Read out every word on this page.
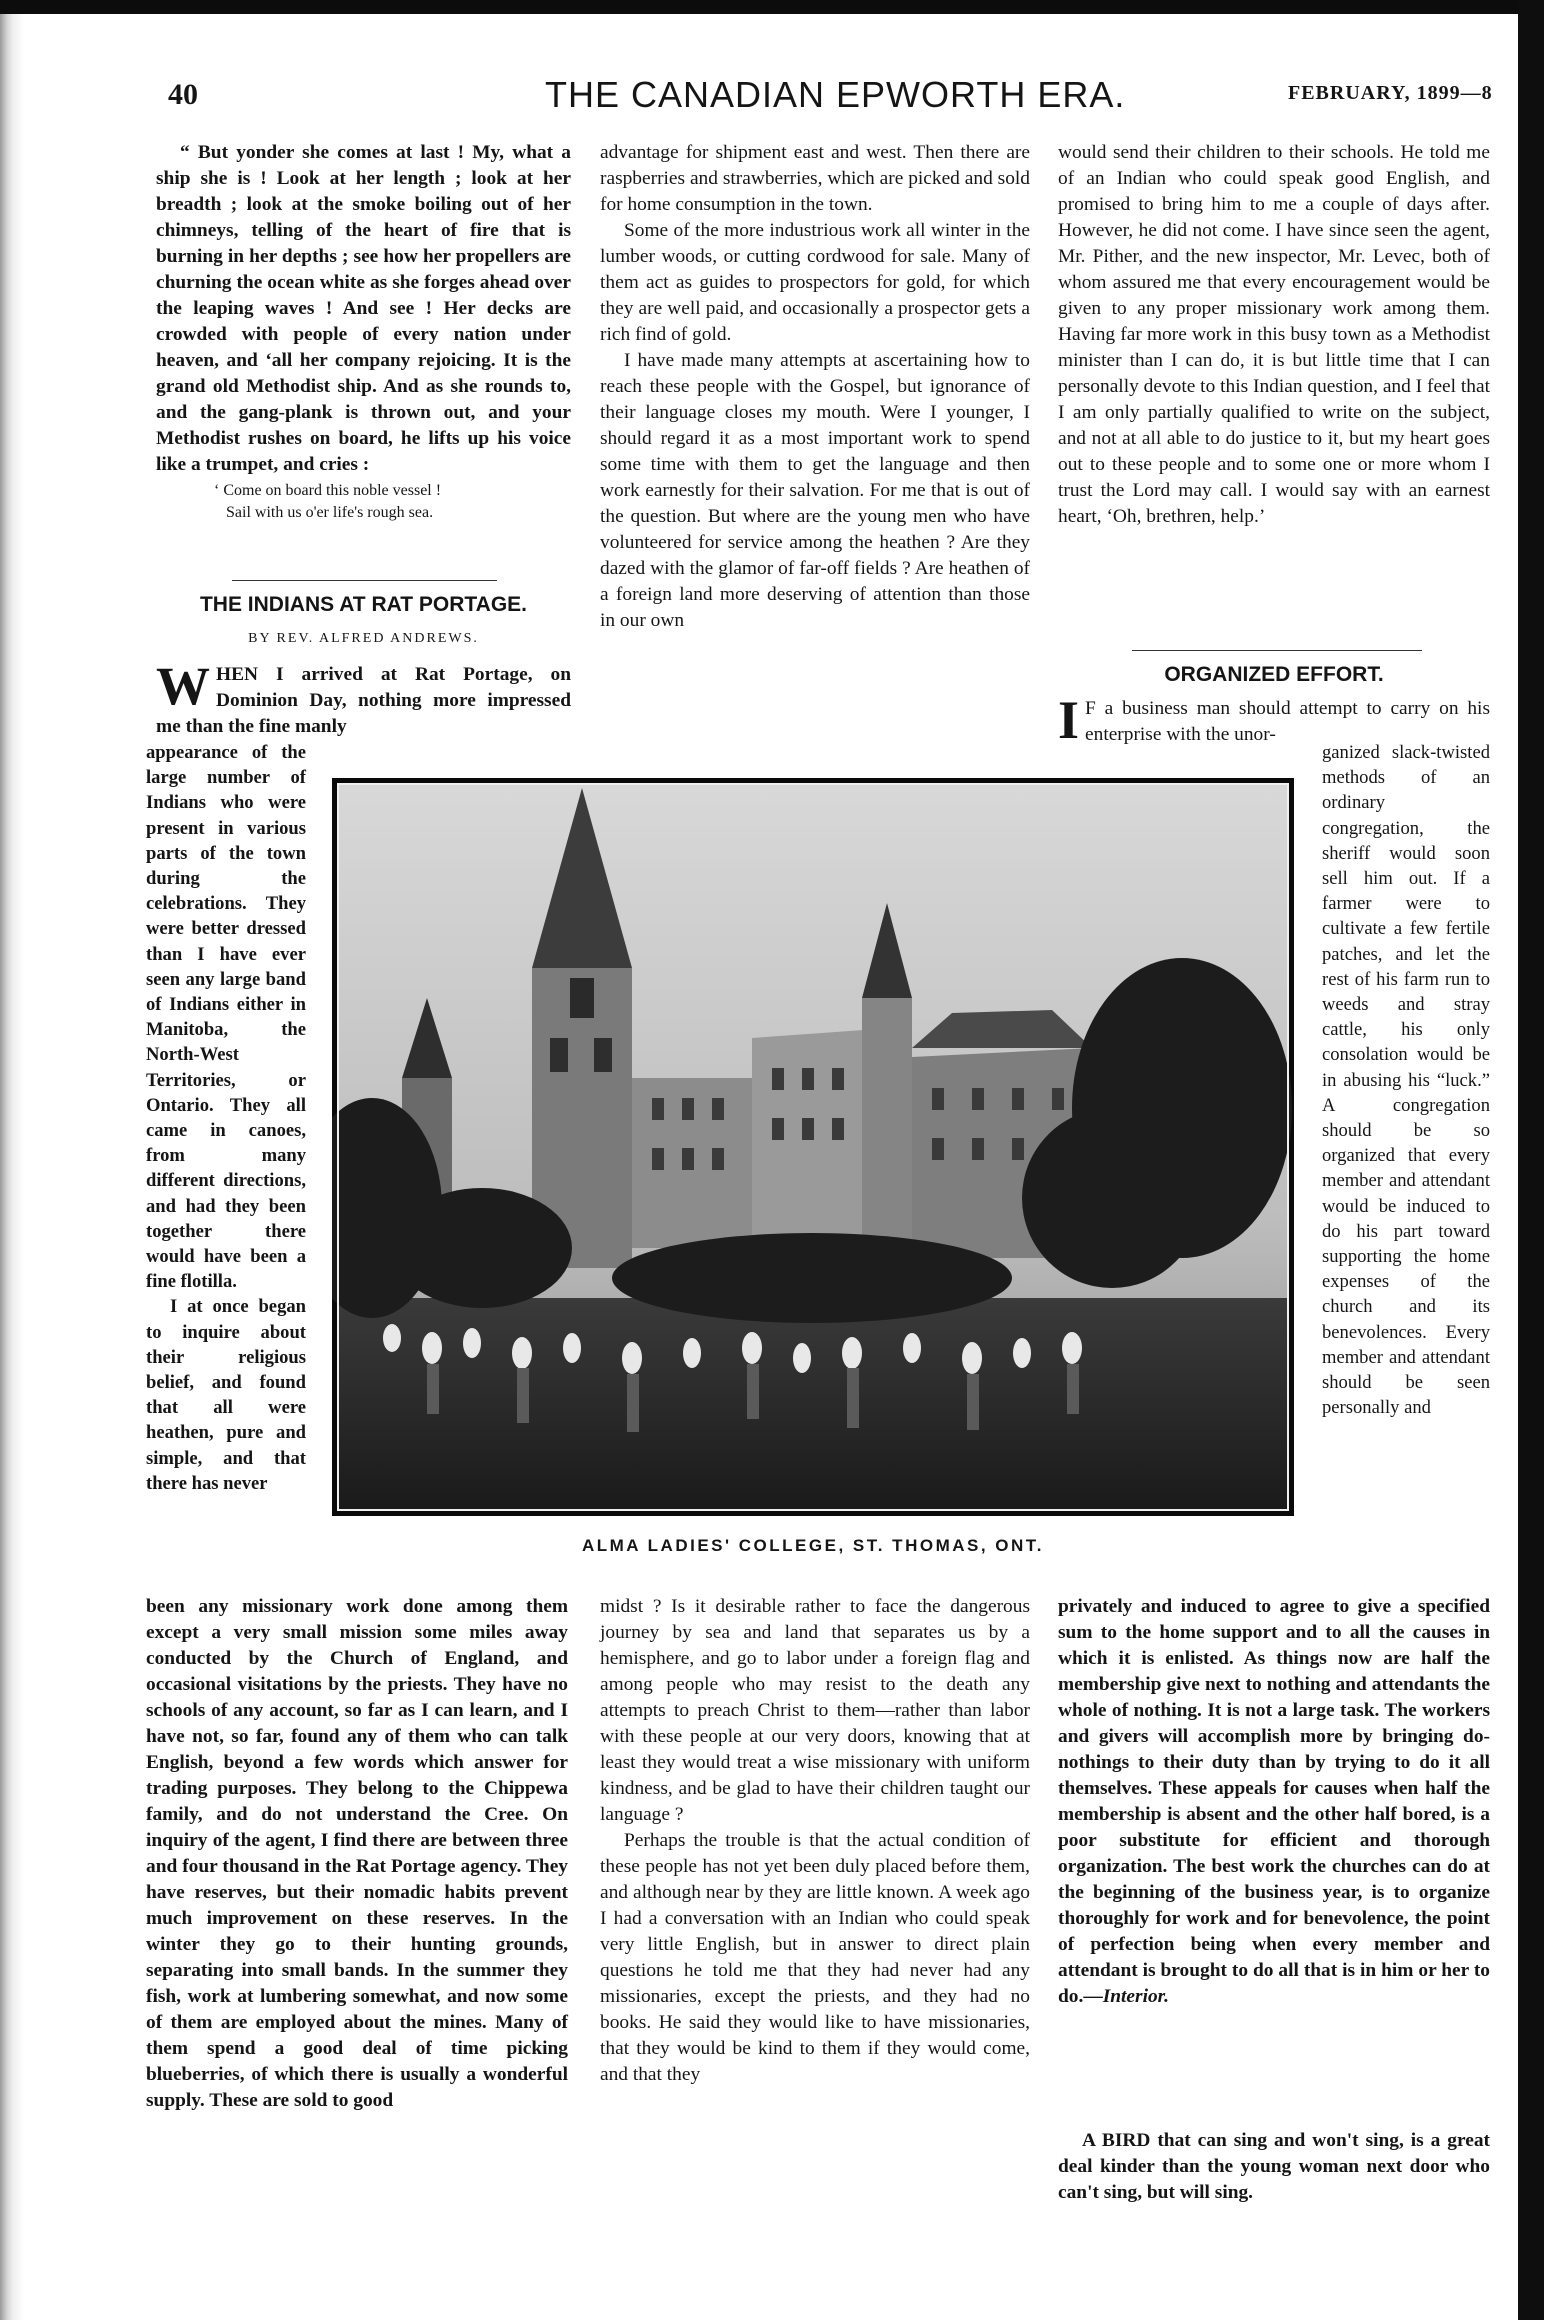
40	THE CANADIAN EPWORTH ERA.	FEBRUARY, 1899—8

“ But yonder she comes at last ! My, what a ship she is ! Look at her length ; look at her breadth ; look at the smoke boiling out of her chimneys, telling of the heart of fire that is burning in her depths ; see how her propellers are churning the ocean white as she forges ahead over the leaping waves ! And see ! Her decks are crowded with people of every nation under heaven, and ‘all her company rejoicing. It is the grand old Methodist ship. And as she rounds to, and the gang-plank is thrown out, and your Methodist rushes on board, he lifts up his voice like a trumpet, and cries :

‘ Come on board this noble vessel !
Sail with us o'er life's rough sea.
THE INDIANS AT RAT PORTAGE.
BY REV. ALFRED ANDREWS.
WHEN I arrived at Rat Portage, on Dominion Day, nothing more impressed me than the fine manly

appearance of the large number of Indians who were present in various parts of the town during the celebrations. They were better dressed than I have ever seen any large band of Indians either in Manitoba, the North-West Territories, or Ontario. They all came in canoes, from many different directions, and had they been together there would have been a fine flotilla.

I at once began to inquire about their religious belief, and found that all were heathen, pure and simple, and that there has never

been any missionary work done among them except a very small mission some miles away conducted by the Church of England, and occasional visitations by the priests. They have no schools of any account, so far as I can learn, and I have not, so far, found any of them who can talk English, beyond a few words which answer for trading purposes. They belong to the Chippewa family, and do not understand the Cree. On inquiry of the agent, I find there are between three and four thousand in the Rat Portage agency. They have reserves, but their nomadic habits prevent much improvement on these reserves. In the winter they go to their hunting grounds, separating into small bands. In the summer they fish, work at lumbering somewhat, and now some of them are employed about the mines. Many of them spend a good deal of time picking blueberries, of which there is usually a wonderful supply. These are sold to good

advantage for shipment east and west. Then there are raspberries and strawberries, which are picked and sold for home consumption in the town.

Some of the more industrious work all winter in the lumber woods, or cutting cordwood for sale. Many of them act as guides to prospectors for gold, for which they are well paid, and occasionally a prospector gets a rich find of gold.

I have made many attempts at ascertaining how to reach these people with the Gospel, but ignorance of their language closes my mouth. Were I younger, I should regard it as a most important work to spend some time with them to get the language and then work earnestly for their salvation. For me that is out of the question. But where are the young men who have volunteered for service among the heathen ? Are they dazed with the glamor of far-off fields ? Are heathen of a foreign land more deserving of attention than those in our own

midst ? Is it desirable rather to face the dangerous journey by sea and land that separates us by a hemisphere, and go to labor under a foreign flag and among people who may resist to the death any attempts to preach Christ to them—rather than labor with these people at our very doors, knowing that at least they would treat a wise missionary with uniform kindness, and be glad to have their children taught our language ?

Perhaps the trouble is that the actual condition of these people has not yet been duly placed before them, and although near by they are little known. A week ago I had a conversation with an Indian who could speak very little English, but in answer to direct plain questions he told me that they had never had any missionaries, except the priests, and they had no books. He said they would like to have missionaries, that they would be kind to them if they would come, and that they

would send their children to their schools. He told me of an Indian who could speak good English, and promised to bring him to me a couple of days after. However, he did not come. I have since seen the agent, Mr. Pither, and the new inspector, Mr. Levec, both of whom assured me that every encouragement would be given to any proper missionary work among them. Having far more work in this busy town as a Methodist minister than I can do, it is but little time that I can personally devote to this Indian question, and I feel that I am only partially qualified to write on the subject, and not at all able to do justice to it, but my heart goes out to these people and to some one or more whom I trust the Lord may call. I would say with an earnest heart, ‘Oh, brethren, help.’

ORGANIZED EFFORT.
I F a business man should attempt to carry on his enterprise with the unor-

ganized slack-twisted methods of an ordinary congregation, the sheriff would soon sell him out. If a farmer were to cultivate a few fertile patches, and let the rest of his farm run to weeds and stray cattle, his only consolation would be in abusing his “luck.” A congregation should be so organized that every member and attendant would be induced to do his part toward supporting the home expenses of the church and its benevolences. Every member and attendant should be seen personally and

privately and induced to agree to give a specified sum to the home support and to all the causes in which it is enlisted. As things now are half the membership give next to nothing and attendants the whole of nothing. It is not a large task. The workers and givers will accomplish more by bringing do-nothings to their duty than by trying to do it all themselves. These appeals for causes when half the membership is absent and the other half bored, is a poor substitute for efficient and thorough organization. The best work the churches can do at the beginning of the business year, is to organize thoroughly for work and for benevolence, the point of perfection being when every member and attendant is brought to do all that is in him or her to do.—Interior.

A BIRD that can sing and won't sing, is a great deal kinder than the young woman next door who can't sing, but will sing.

ALMA LADIES' COLLEGE, ST. THOMAS, ONT.
